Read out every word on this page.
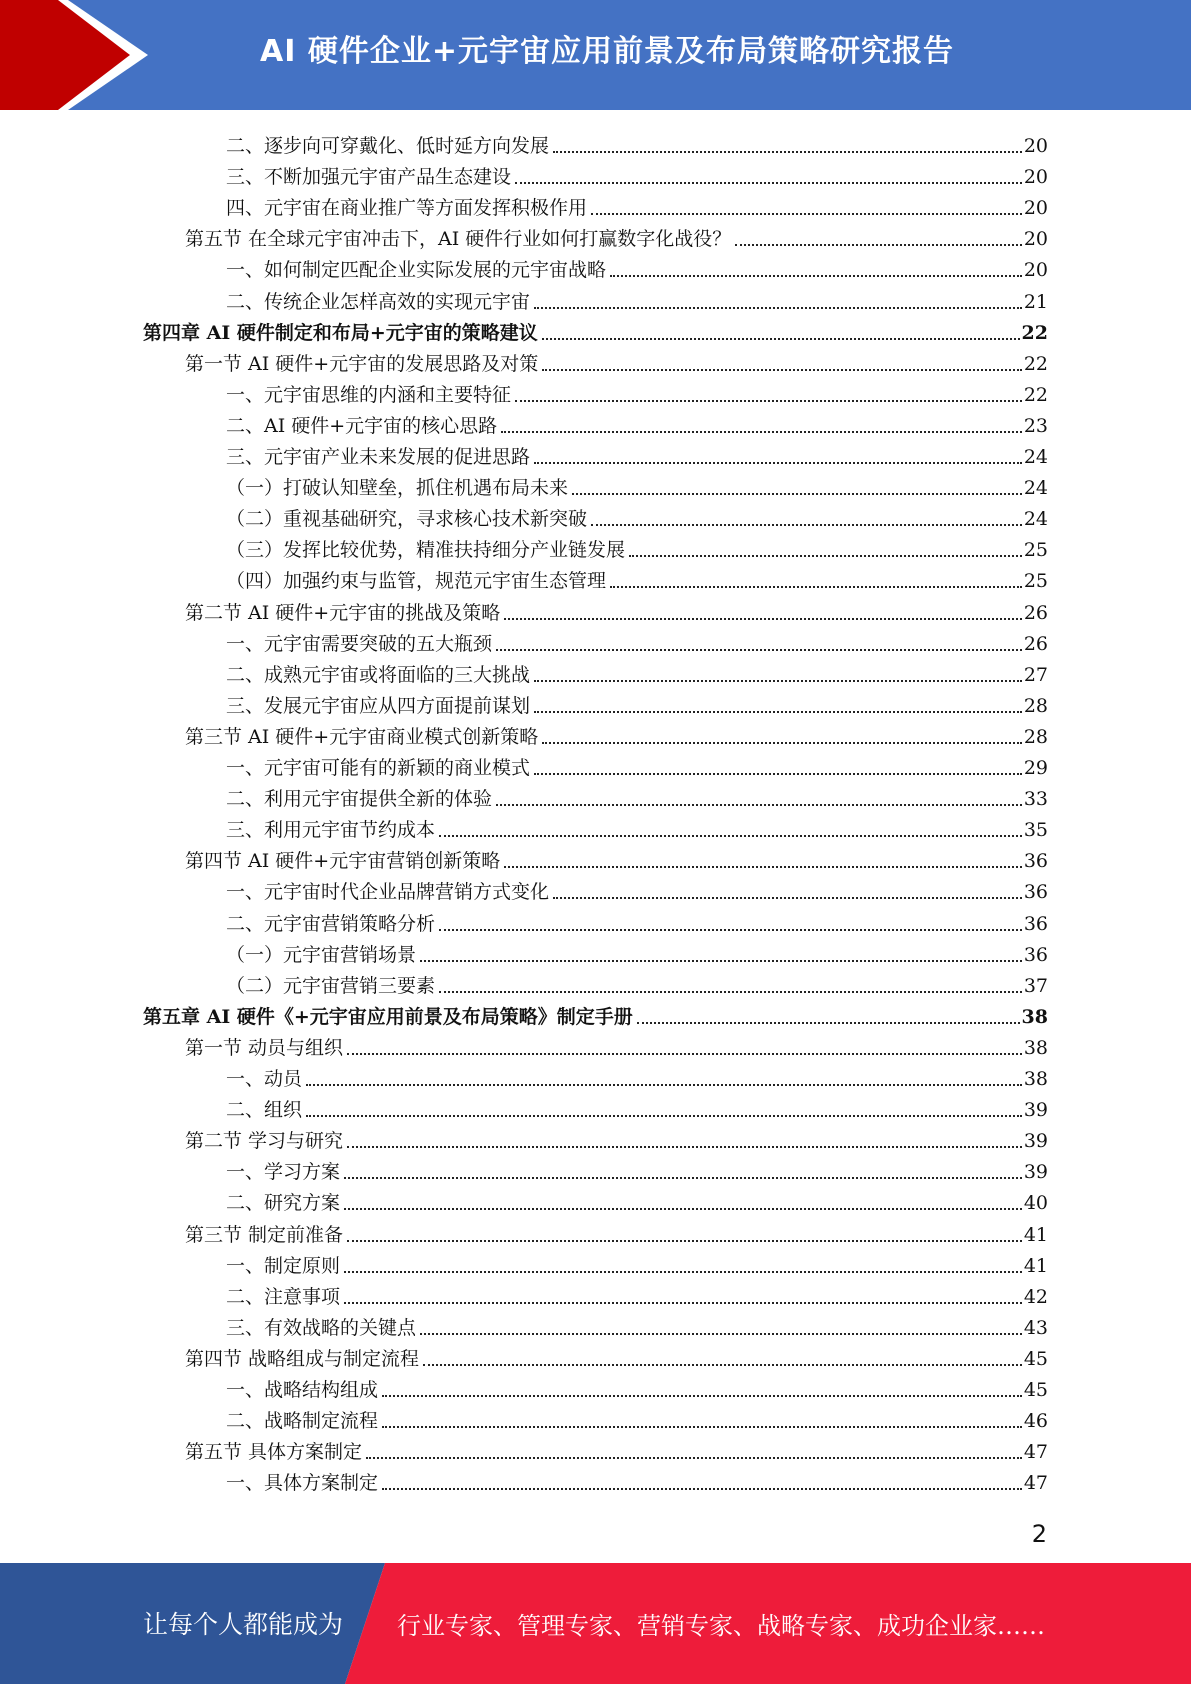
AI 硬件企业+元宇宙应用前景及布局策略研究报告
二、逐步向可穿戴化、低时延方向发展	20
三、不断加强元宇宙产品生态建设	20
四、元宇宙在商业推广等方面发挥积极作用	20
第五节 在全球元宇宙冲击下，AI 硬件行业如何打赢数字化战役？	20
一、如何制定匹配企业实际发展的元宇宙战略	20
二、传统企业怎样高效的实现元宇宙	21
第四章 AI 硬件制定和布局+元宇宙的策略建议	22
第一节 AI 硬件+元宇宙的发展思路及对策	22
一、元宇宙思维的内涵和主要特征	22
二、AI 硬件+元宇宙的核心思路	23
三、元宇宙产业未来发展的促进思路	24
（一）打破认知壁垒，抓住机遇布局未来	24
（二）重视基础研究，寻求核心技术新突破	24
（三）发挥比较优势，精准扶持细分产业链发展	25
（四）加强约束与监管，规范元宇宙生态管理	25
第二节 AI 硬件+元宇宙的挑战及策略	26
一、元宇宙需要突破的五大瓶颈	26
二、成熟元宇宙或将面临的三大挑战	27
三、发展元宇宙应从四方面提前谋划	28
第三节 AI 硬件+元宇宙商业模式创新策略	28
一、元宇宙可能有的新颖的商业模式	29
二、利用元宇宙提供全新的体验	33
三、利用元宇宙节约成本	35
第四节 AI 硬件+元宇宙营销创新策略	36
一、元宇宙时代企业品牌营销方式变化	36
二、元宇宙营销策略分析	36
（一）元宇宙营销场景	36
（二）元宇宙营销三要素	37
第五章 AI 硬件《+元宇宙应用前景及布局策略》制定手册	38
第一节 动员与组织	38
一、动员	38
二、组织	39
第二节 学习与研究	39
一、学习方案	39
二、研究方案	40
第三节 制定前准备	41
一、制定原则	41
二、注意事项	42
三、有效战略的关键点	43
第四节 战略组成与制定流程	45
一、战略结构组成	45
二、战略制定流程	46
第五节 具体方案制定	47
一、具体方案制定	47
2
让每个人都能成为 行业专家、管理专家、营销专家、战略专家、成功企业家……
